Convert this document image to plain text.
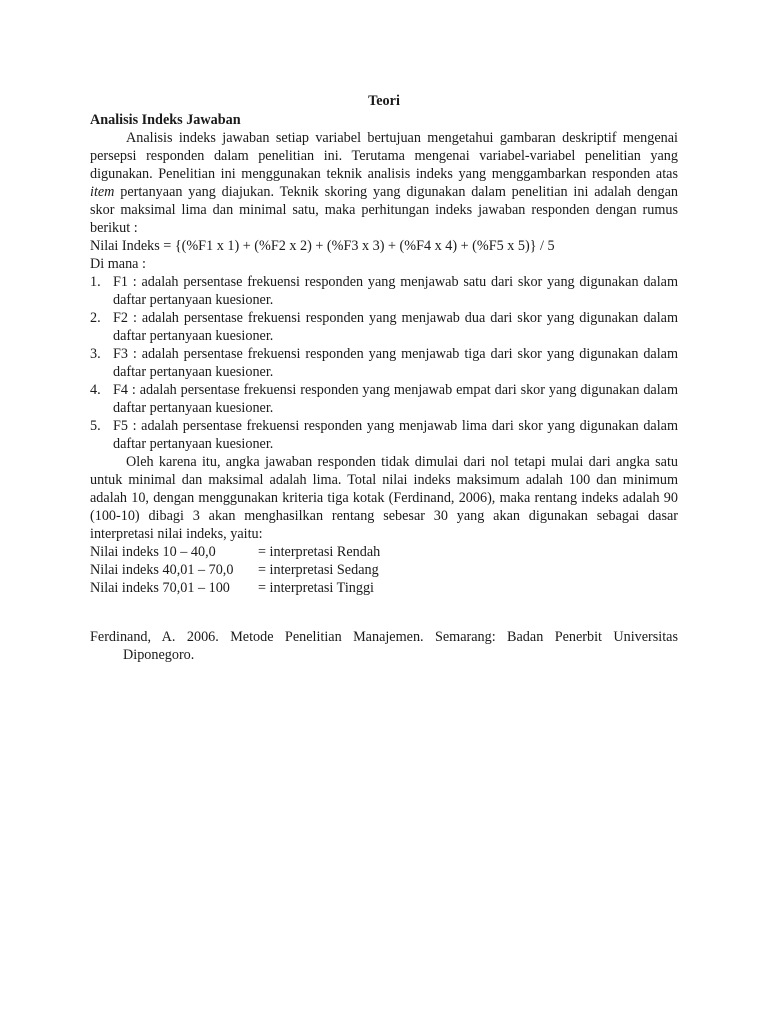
Teori

Analisis Indeks Jawaban

Analisis indeks jawaban setiap variabel bertujuan mengetahui gambaran deskriptif mengenai persepsi responden dalam penelitian ini. Terutama mengenai variabel-variabel penelitian yang digunakan. Penelitian ini menggunakan teknik analisis indeks yang menggambarkan responden atas item pertanyaan yang diajukan. Teknik skoring yang digunakan dalam penelitian ini adalah dengan skor maksimal lima dan minimal satu, maka perhitungan indeks jawaban responden dengan rumus berikut :

Nilai Indeks = {(%F1 x 1) + (%F2 x 2) + (%F3 x 3) + (%F4 x 4) + (%F5 x 5)} / 5

Di mana :

1. F1 : adalah persentase frekuensi responden yang menjawab satu dari skor yang digunakan dalam daftar pertanyaan kuesioner.
2. F2 : adalah persentase frekuensi responden yang menjawab dua dari skor yang digunakan dalam daftar pertanyaan kuesioner.
3. F3 : adalah persentase frekuensi responden yang menjawab tiga dari skor yang digunakan dalam daftar pertanyaan kuesioner.
4. F4 : adalah persentase frekuensi responden yang menjawab empat dari skor yang digunakan dalam daftar pertanyaan kuesioner.
5. F5 : adalah persentase frekuensi responden yang menjawab lima dari skor yang digunakan dalam daftar pertanyaan kuesioner.

Oleh karena itu, angka jawaban responden tidak dimulai dari nol tetapi mulai dari angka satu untuk minimal dan maksimal adalah lima. Total nilai indeks maksimum adalah 100 dan minimum adalah 10, dengan menggunakan kriteria tiga kotak (Ferdinand, 2006), maka rentang indeks adalah 90 (100-10) dibagi 3 akan menghasilkan rentang sebesar 30 yang akan digunakan sebagai dasar interpretasi nilai indeks, yaitu:

Nilai indeks 10 – 40,0	= interpretasi Rendah
Nilai indeks 40,01 – 70,0 = interpretasi Sedang
Nilai indeks 70,01 – 100 = interpretasi Tinggi

Ferdinand, A. 2006. Metode Penelitian Manajemen. Semarang: Badan Penerbit Universitas Diponegoro.
